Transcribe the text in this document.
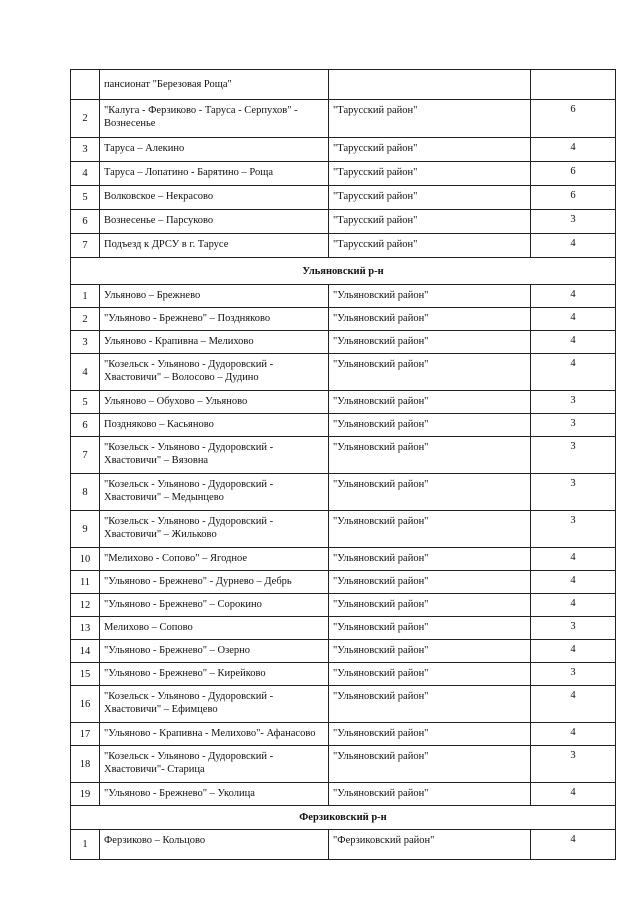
	пансионат "Березовая Роща"		
2	"Калуга - Ферзиково - Таруса - Серпухов" - Вознесенье	"Тарусский район"	6
3	Таруса – Алекино	"Тарусский район"	4
4	Таруса – Лопатино - Барятино – Роща	"Тарусский район"	6
5	Волковское – Некрасово	"Тарусский район"	6
6	Вознесенье – Парсуково	"Тарусский район"	3
7	Подъезд к ДРСУ в г. Тарусе	"Тарусский район"	4
Ульяновский р-н			
1	Ульяново – Брежнево	"Ульяновский район"	4
2	"Ульяново - Брежнево" – Поздняково	"Ульяновский район"	4
3	Ульяново - Крапивна – Мелихово	"Ульяновский район"	4
4	"Козельск - Ульяново - Дудоровский - Хвастовичи" – Волосово – Дудино	"Ульяновский район"	4
5	Ульяново – Обухово – Ульяново	"Ульяновский район"	3
6	Поздняково – Касьяново	"Ульяновский район"	3
7	"Козельск - Ульяново - Дудоровский - Хвастовичи" – Вязовна	"Ульяновский район"	3
8	"Козельск - Ульяново - Дудоровский - Хвастовичи" – Медынцево	"Ульяновский район"	3
9	"Козельск - Ульяново - Дудоровский - Хвастовичи" – Жильково	"Ульяновский район"	3
10	"Мелихово - Сопово" – Ягодное	"Ульяновский район"	4
11	"Ульяново - Брежнево" - Дурнево – Дебрь	"Ульяновский район"	4
12	"Ульяново - Брежнево" – Сорокино	"Ульяновский район"	4
13	Мелихово – Сопово	"Ульяновский район"	3
14	"Ульяново - Брежнево" – Озерно	"Ульяновский район"	4
15	"Ульяново - Брежнево" – Кирейково	"Ульяновский район"	3
16	"Козельск - Ульяново - Дудоровский - Хвастовичи" – Ефимцево	"Ульяновский район"	4
17	"Ульяново - Крапивна - Мелихово"- Афанасово	"Ульяновский район"	4
18	"Козельск - Ульяново - Дудоровский - Хвастовичи"- Старица	"Ульяновский район"	3
19	"Ульяново - Брежнево" – Уколица	"Ульяновский район"	4
Ферзиковский р-н			
1	Ферзиково – Кольцово	"Ферзиковский район"	4
